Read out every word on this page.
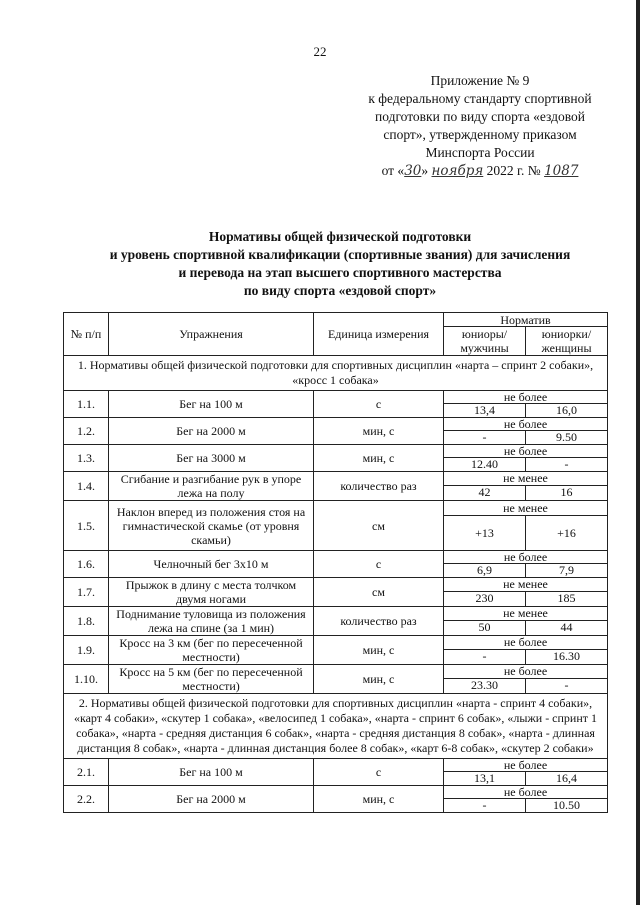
22
Приложение № 9
к федеральному стандарту спортивной
подготовки по виду спорта «ездовой
спорт», утвержденному приказом
Минспорта России
от «30» ноября 2022 г. № 1087
Нормативы общей физической подготовки
и уровень спортивной квалификации (спортивные звания) для зачисления
и перевода на этап высшего спортивного мастерства
по виду спорта «ездовой спорт»
№ п/п	Упражнения	Единица измерения	Норматив	
			юниоры/ мужчины	юниорки/ женщины
1. Нормативы общей физической подготовки для спортивных дисциплин «нарта – спринт 2 собаки», «кросс 1 собака»				
1.1.	Бег на 100 м	с	не более	
			13,4	16,0
1.2.	Бег на 2000 м	мин, с	не более	
			-	9.50
1.3.	Бег на 3000 м	мин, с	не более	
			12.40	-
1.4.	Сгибание и разгибание рук в упоре лежа на полу	количество раз	не менее	
			42	16
1.5.	Наклон вперед из положения стоя на гимнастической скамье (от уровня скамьи)	см	не менее	
			+13	+16
1.6.	Челночный бег 3х10 м	с	не более	
			6,9	7,9
1.7.	Прыжок в длину с места толчком двумя ногами	см	не менее	
			230	185
1.8.	Поднимание туловища из положения лежа на спине (за 1 мин)	количество раз	не менее	
			50	44
1.9.	Кросс на 3 км (бег по пересеченной местности)	мин, с	не более	
			-	16.30
1.10.	Кросс на 5 км (бег по пересеченной местности)	мин, с	не более	
			23.30	-
2. Нормативы общей физической подготовки для спортивных дисциплин «нарта - спринт 4 собаки», «карт 4 собаки», «скутер 1 собака», «велосипед 1 собака», «нарта - спринт 6 собак», «лыжи - спринт 1 собака», «нарта - средняя дистанция 6 собак», «нарта - средняя дистанция 8 собак», «нарта - длинная дистанция 8 собак», «нарта - длинная дистанция более 8 собак», «карт 6-8 собак», «скутер 2 собаки»				
2.1.	Бег на 100 м	с	не более	
			13,1	16,4
2.2.	Бег на 2000 м	мин, с	не более	
			-	10.50
